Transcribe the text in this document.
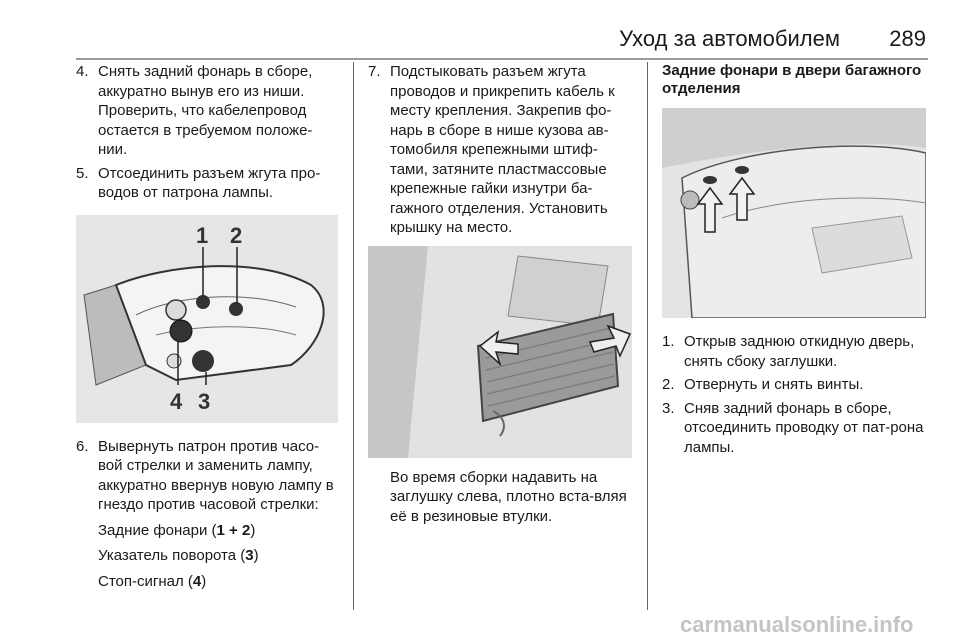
Уход за автомобилем 289

4. Снять задний фонарь в сборе, аккуратно вынув его из ниши. Проверить, что кабелепровод остается в требуемом положе-нии.

5. Отсоединить разъем жгута про-водов от патрона лампы.

1 2
4 3

6. Вывернуть патрон против часо-вой стрелки и заменить лампу, аккуратно ввернув новую лампу в гнездо против часовой стрелки:

Задние фонари (1 + 2)
Указатель поворота (3)
Стоп-сигнал (4)

7. Подстыковать разъем жгута проводов и прикрепить кабель к месту крепления. Закрепив фо-нарь в сборе в нише кузова ав-томобиля крепежными штиф-тами, затяните пластмассовые крепежные гайки изнутри ба-гажного отделения. Установить крышку на место.

Во время сборки надавить на заглушку слева, плотно вста-вляя её в резиновые втулки.
Задние фонари в двери багажного отделения

1. Открыв заднюю откидную дверь, снять сбоку заглушки.

2. Отвернуть и снять винты.

3. Сняв задний фонарь в сборе, отсоединить проводку от пат-рона лампы.

carmanualsonline.info
